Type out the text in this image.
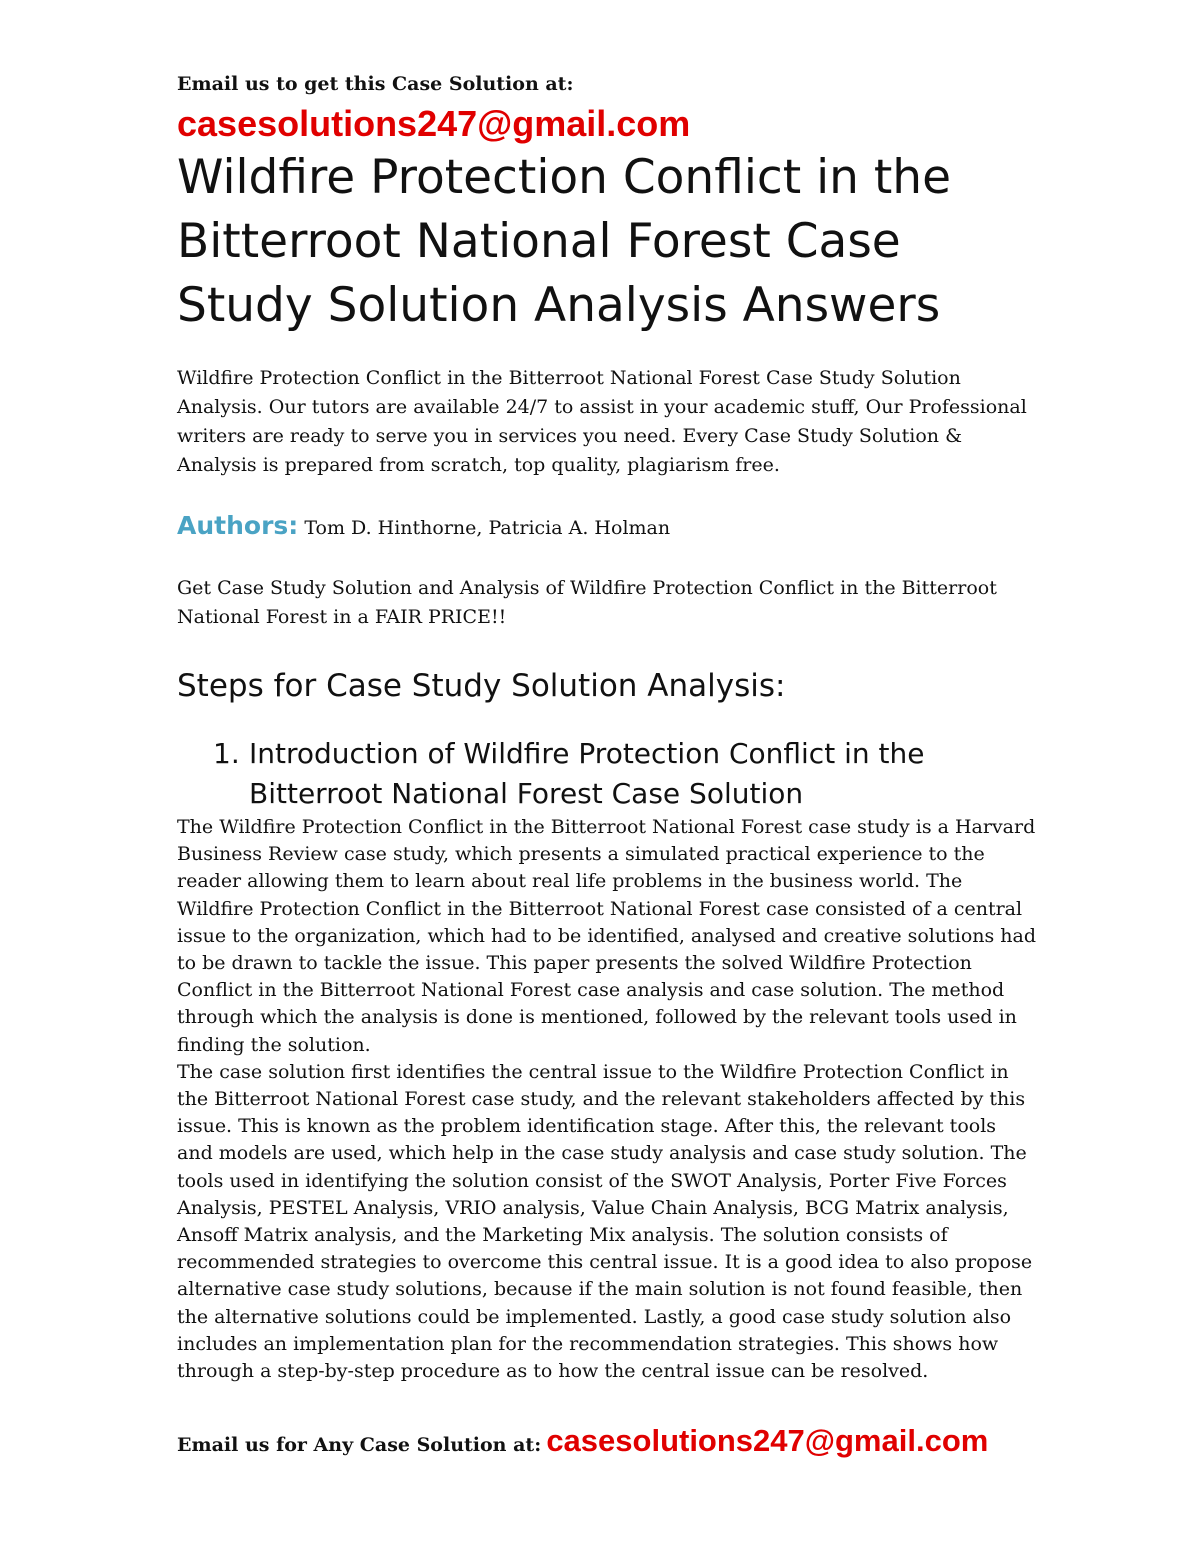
Email us to get this Case Solution at:

casesolutions247@gmail.com
Wildfire Protection Conflict in the Bitterroot National Forest Case Study Solution Analysis Answers

Wildfire Protection Conflict in the Bitterroot National Forest Case Study Solution Analysis. Our tutors are available 24/7 to assist in your academic stuff, Our Professional writers are ready to serve you in services you need. Every Case Study Solution & Analysis is prepared from scratch, top quality, plagiarism free.

Authors: Tom D. Hinthorne, Patricia A. Holman

Get Case Study Solution and Analysis of Wildfire Protection Conflict in the Bitterroot National Forest in a FAIR PRICE!!

Steps for Case Study Solution Analysis:
1. Introduction of Wildfire Protection Conflict in the Bitterroot National Forest Case Solution

The Wildfire Protection Conflict in the Bitterroot National Forest case study is a Harvard Business Review case study, which presents a simulated practical experience to the reader allowing them to learn about real life problems in the business world. The Wildfire Protection Conflict in the Bitterroot National Forest case consisted of a central issue to the organization, which had to be identified, analysed and creative solutions had to be drawn to tackle the issue. This paper presents the solved Wildfire Protection Conflict in the Bitterroot National Forest case analysis and case solution. The method through which the analysis is done is mentioned, followed by the relevant tools used in finding the solution.

The case solution first identifies the central issue to the Wildfire Protection Conflict in the Bitterroot National Forest case study, and the relevant stakeholders affected by this issue. This is known as the problem identification stage. After this, the relevant tools and models are used, which help in the case study analysis and case study solution. The tools used in identifying the solution consist of the SWOT Analysis, Porter Five Forces Analysis, PESTEL Analysis, VRIO analysis, Value Chain Analysis, BCG Matrix analysis, Ansoff Matrix analysis, and the Marketing Mix analysis. The solution consists of recommended strategies to overcome this central issue. It is a good idea to also propose alternative case study solutions, because if the main solution is not found feasible, then the alternative solutions could be implemented. Lastly, a good case study solution also includes an implementation plan for the recommendation strategies. This shows how through a step-by-step procedure as to how the central issue can be resolved.

Email us for Any Case Solution at: casesolutions247@gmail.com
